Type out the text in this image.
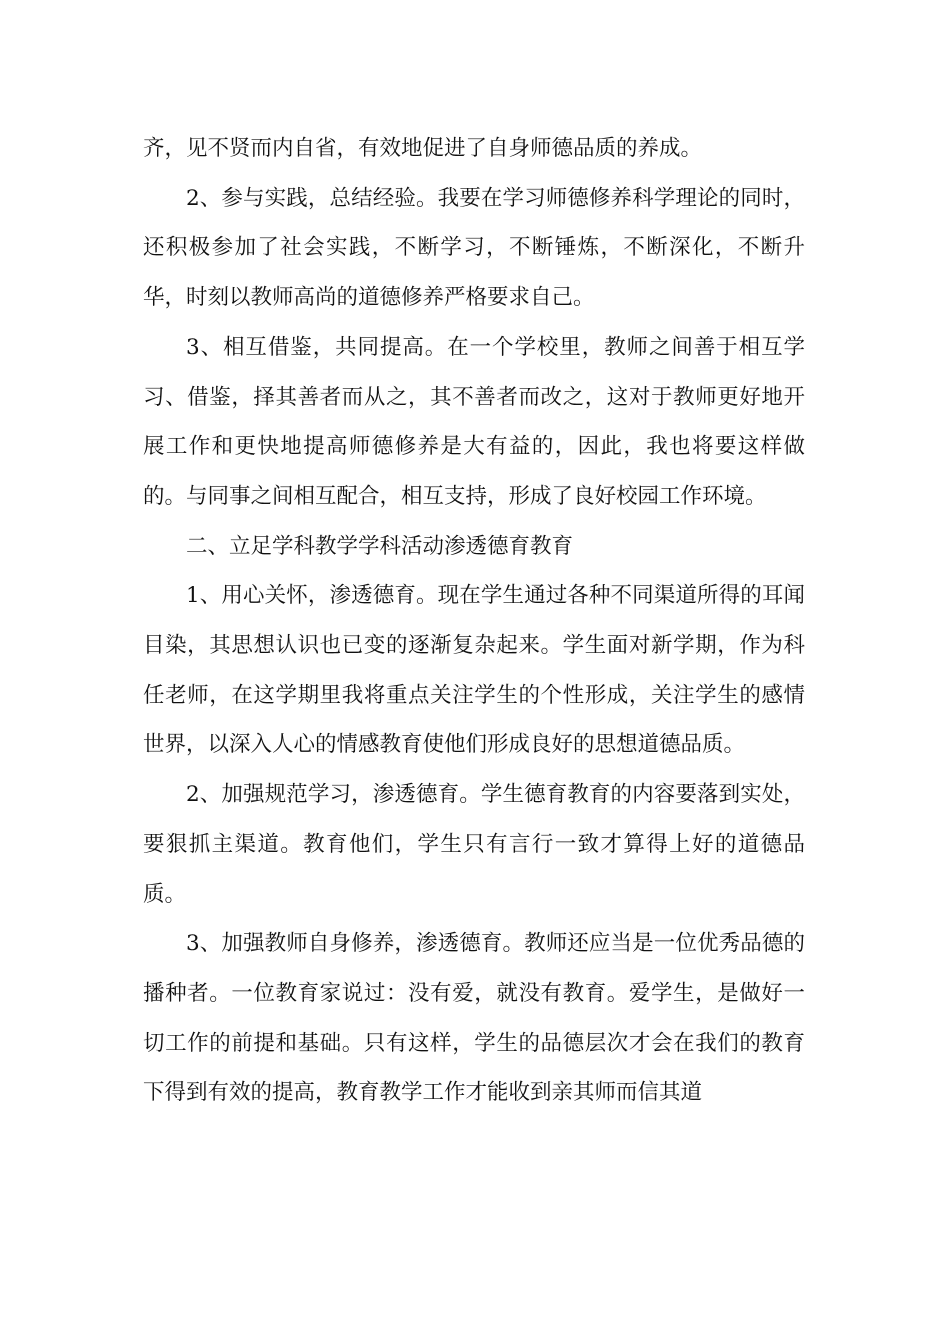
齐，见不贤而内自省，有效地促进了自身师德品质的养成。

2、参与实践，总结经验。我要在学习师德修养科学理论的同时，还积极参加了社会实践，不断学习，不断锤炼，不断深化，不断升华，时刻以教师高尚的道德修养严格要求自己。

3、相互借鉴，共同提高。在一个学校里，教师之间善于相互学习、借鉴，择其善者而从之，其不善者而改之，这对于教师更好地开展工作和更快地提高师德修养是大有益的，因此，我也将要这样做的。与同事之间相互配合，相互支持，形成了良好校园工作环境。

二、立足学科教学学科活动渗透德育教育

1、用心关怀，渗透德育。现在学生通过各种不同渠道所得的耳闻目染，其思想认识也已变的逐渐复杂起来。学生面对新学期，作为科任老师，在这学期里我将重点关注学生的个性形成，关注学生的感情世界，以深入人心的情感教育使他们形成良好的思想道德品质。

2、加强规范学习，渗透德育。学生德育教育的内容要落到实处，要狠抓主渠道。教育他们，学生只有言行一致才算得上好的道德品质。

3、加强教师自身修养，渗透德育。教师还应当是一位优秀品德的播种者。一位教育家说过：没有爱，就没有教育。爱学生，是做好一切工作的前提和基础。只有这样，学生的品德层次才会在我们的教育下得到有效的提高，教育教学工作才能收到亲其师而信其道
